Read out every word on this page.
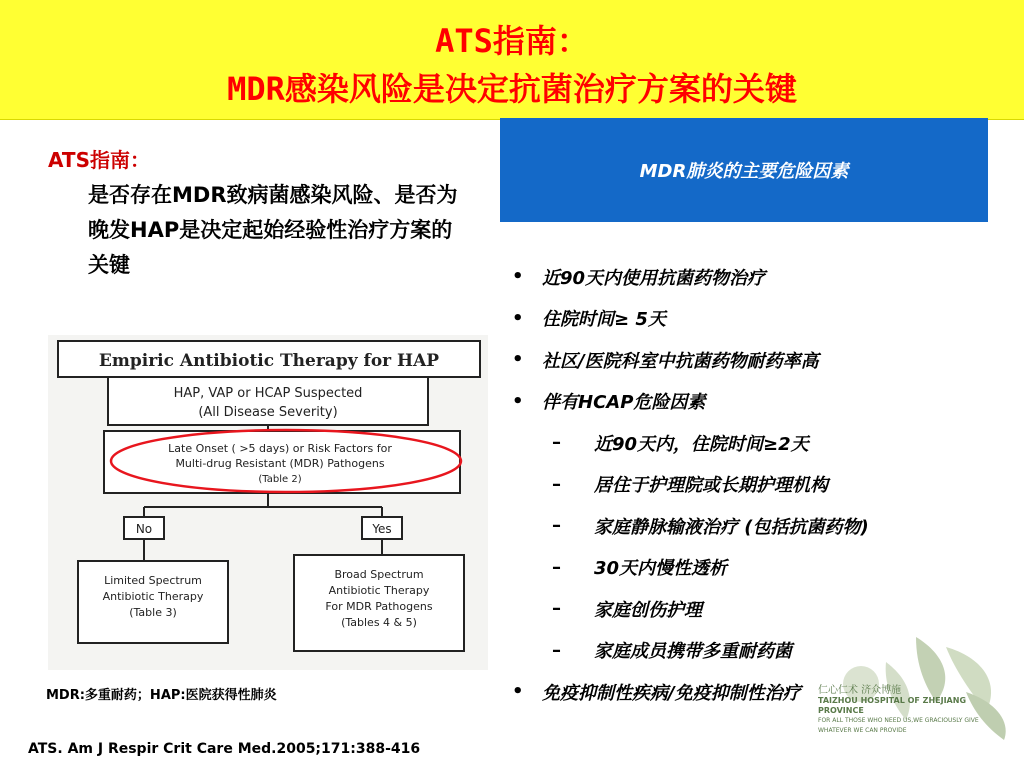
ATS指南：
MDR感染风险是决定抗菌治疗方案的关键
ATS指南：
是否存在MDR致病菌感染风险、是否为晚发HAP是决定起始经验性治疗方案的关键
Empiric Antibiotic Therapy for HAP
HAP, VAP or HCAP Suspected
(All Disease Severity)
Late Onset ( >5 days) or Risk Factors for
Multi-drug Resistant (MDR) Pathogens
(Table 2)
No	Yes
Limited Spectrum
Antibiotic Therapy
(Table 3)
Broad Spectrum
Antibiotic Therapy
For MDR Pathogens
(Tables 4 & 5)
MDR肺炎的主要危险因素
•	近90天内使用抗菌药物治疗
•	住院时间≥ 5天
•	社区/医院科室中抗菌药物耐药率高
•	伴有HCAP危险因素
–	近90天内，住院时间≥2天
–	居住于护理院或长期护理机构
–	家庭静脉输液治疗 (包括抗菌药物)
–	30天内慢性透析
–	家庭创伤护理
–	家庭成员携带多重耐药菌
•	免疫抑制性疾病/免疫抑制性治疗 仁心仁术 济众博施
TAIZHOU HOSPITAL OF ZHEJIANG PROVINCE
FOR ALL THOSE WHO NEED US,WE GRACIOUSLY GIVE WHATEVER WE CAN PROVIDE
MDR:多重耐药；HAP:医院获得性肺炎
ATS. Am J Respir Crit Care Med.2005;171:388-416
